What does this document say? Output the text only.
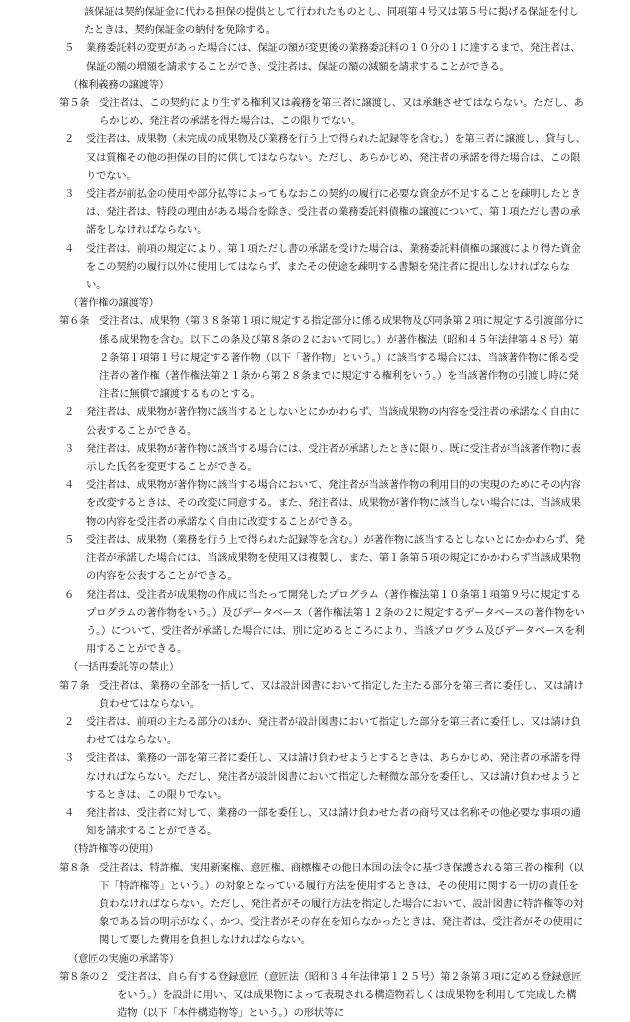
該保証は契約保証金に代わる担保の提供として行われたものとし、同項第４号又は第５号に掲げる保証を付したときは、契約保証金の納付を免除する。

５	業務委託料の変更があった場合には、保証の額が変更後の業務委託料の１０分の１に達するまで、発注者は、保証の額の増額を請求することができ、受注者は、保証の額の減額を請求することができる。

（権利義務の譲渡等）

第５条 受注者は、この契約により生ずる権利又は義務を第三者に譲渡し、又は承継させてはならない。ただし、あらかじめ、発注者の承諾を得た場合は、この限りでない。
２	受注者は、成果物（未完成の成果物及び業務を行う上で得られた記録等を含む。）を第三者に譲渡し、貸与し、又は質権その他の担保の目的に供してはならない。ただし、あらかじめ、発注者の承諾を得た場合は、この限りでない。
３	受注者が前払金の使用や部分払等によってもなおこの契約の履行に必要な資金が不足することを疎明したときは、発注者は、特段の理由がある場合を除き、受注者の業務委託料債権の譲渡について、第１項ただし書の承諾をしなければならない。
４	受注者は、前項の規定により、第１項ただし書の承諾を受けた場合は、業務委託料債権の譲渡により得た資金をこの契約の履行以外に使用してはならず、またその使途を疎明する書類を発注者に提出しなければならない。

（著作権の譲渡等）

第６条 受注者は、成果物（第３８条第１項に規定する指定部分に係る成果物及び同条第２項に規定する引渡部分に係る成果物を含む。以下この条及び第８条の２において同じ。）が著作権法（昭和４５年法律第４８号）第２条第１項第１号に規定する著作物（以下「著作物」という。）に該当する場合には、当該著作物に係る受注者の著作権（著作権法第２１条から第２８条までに規定する権利をいう。）を当該著作物の引渡し時に発注者に無償で譲渡するものとする。
２	発注者は、成果物が著作物に該当するとしないとにかかわらず、当該成果物の内容を受注者の承諾なく自由に公表することができる。
３	発注者は、成果物が著作物に該当する場合には、受注者が承諾したときに限り、既に受注者が当該著作物に表示した氏名を変更することができる。
４	受注者は、成果物が著作物に該当する場合において、発注者が当該著作物の利用目的の実現のためにその内容を改変するときは、その改変に同意する。また、発注者は、成果物が著作物に該当しない場合には、当該成果物の内容を受注者の承諾なく自由に改変することができる。
５	受注者は、成果物（業務を行う上で得られた記録等を含む。）が著作物に該当するとしないとにかかわらず、発注者が承諾した場合には、当該成果物を使用又は複製し、また、第１条第５項の規定にかかわらず当該成果物の内容を公表することができる。
６	発注者は、受注者が成果物の作成に当たって開発したプログラム（著作権法第１０条第１項第９号に規定するプログラムの著作物をいう。）及びデータベース（著作権法第１２条の２に規定するデータベースの著作物をいう。）について、受注者が承諾した場合には、別に定めるところにより、当該プログラム及びデータベースを利用することができる。

（一括再委託等の禁止）

第７条 受注者は、業務の全部を一括して、又は設計図書において指定した主たる部分を第三者に委任し、又は請け負わせてはならない。
２	受注者は、前項の主たる部分のほか、発注者が設計図書において指定した部分を第三者に委任し、又は請け負わせてはならない。
３	受注者は、業務の一部を第三者に委任し、又は請け負わせようとするときは、あらかじめ、発注者の承諾を得なければならない。ただし、発注者が設計図書において指定した軽微な部分を委任し、又は請け負わせようとするときは、この限りでない。
４	発注者は、受注者に対して、業務の一部を委任し、又は請け負わせた者の商号又は名称その他必要な事項の通知を請求することができる。

（特許権等の使用）

第８条 受注者は、特許権、実用新案権、意匠権、商標権その他日本国の法令に基づき保護される第三者の権利（以下「特許権等」という。）の対象となっている履行方法を使用するときは、その使用に関する一切の責任を負わなければならない。ただし、発注者がその履行方法を指定した場合において、設計図書に特許権等の対象である旨の明示がなく、かつ、受注者がその存在を知らなかったときは、発注者は、受注者がその使用に関して要した費用を負担しなければならない。

（意匠の実施の承諾等）

第８条の２ 受注者は、自ら有する登録意匠（意匠法（昭和３４年法律第１２５号）第２条第３項に定める登録意匠をいう。）を設計に用い、又は成果物によって表現される構造物若しくは成果物を利用して完成した構造物（以下「本件構造物等」という。）の形状等に
